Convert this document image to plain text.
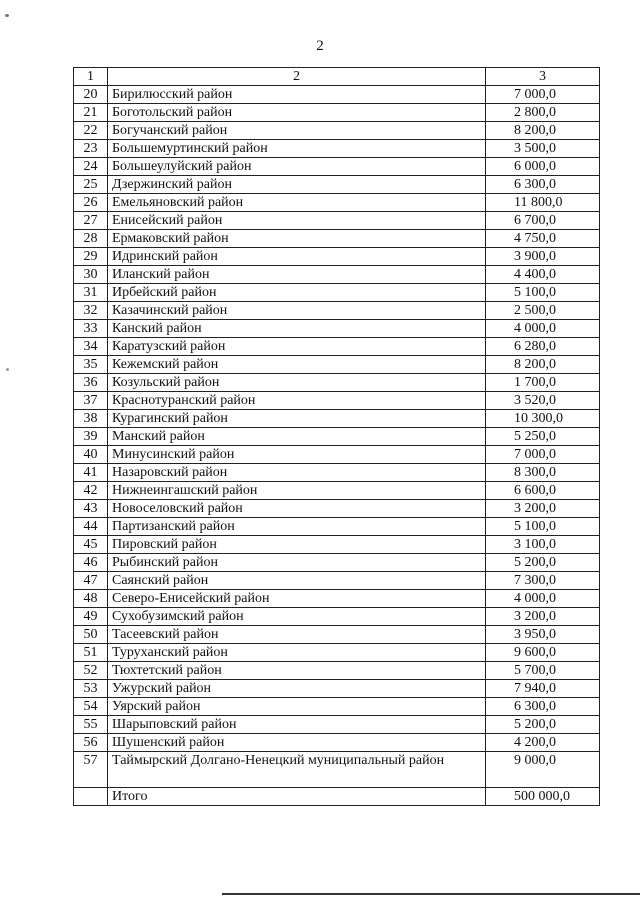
2
1	2	3
20	Бирилюсский район	7 000,0
21	Боготольский район	2 800,0
22	Богучанский район	8 200,0
23	Большемуртинский район	3 500,0
24	Большеулуйский район	6 000,0
25	Дзержинский район	6 300,0
26	Емельяновский район	11 800,0
27	Енисейский район	6 700,0
28	Ермаковский район	4 750,0
29	Идринский район	3 900,0
30	Иланский район	4 400,0
31	Ирбейский район	5 100,0
32	Казачинский район	2 500,0
33	Канский район	4 000,0
34	Каратузский район	6 280,0
35	Кежемский район	8 200,0
36	Козульский район	1 700,0
37	Краснотуранский район	3 520,0
38	Курагинский район	10 300,0
39	Манский район	5 250,0
40	Минусинский район	7 000,0
41	Назаровский район	8 300,0
42	Нижнеингашский район	6 600,0
43	Новоселовский район	3 200,0
44	Партизанский район	5 100,0
45	Пировский район	3 100,0
46	Рыбинский район	5 200,0
47	Саянский район	7 300,0
48	Северо-Енисейский район	4 000,0
49	Сухобузимский район	3 200,0
50	Тасеевский район	3 950,0
51	Туруханский район	9 600,0
52	Тюхтетский район	5 700,0
53	Ужурский район	7 940,0
54	Уярский район	6 300,0
55	Шарыповский район	5 200,0
56	Шушенский район	4 200,0
57	Таймырский Долгано-Ненецкий муниципальный район	9 000,0
	Итого	500 000,0
